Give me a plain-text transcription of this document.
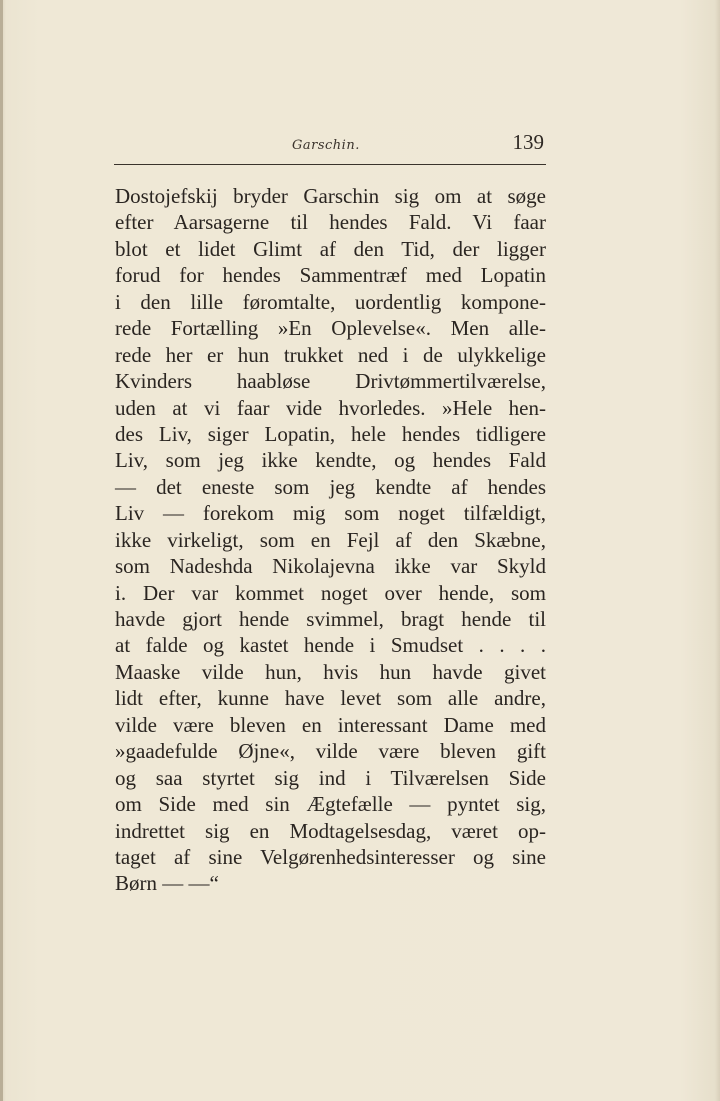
Garschin.	139
Dostojefskij bryder Garschin sig om at søge
efter Aarsagerne til hendes Fald. Vi faar
blot et lidet Glimt af den Tid, der ligger
forud for hendes Sammentræf med Lopatin
i den lille føromtalte, uordentlig kompone-
rede Fortælling »En Oplevelse«. Men alle-
rede her er hun trukket ned i de ulykkelige
Kvinders haabløse Drivtømmertilværelse,
uden at vi faar vide hvorledes. »Hele hen-
des Liv, siger Lopatin, hele hendes tidligere
Liv, som jeg ikke kendte, og hendes Fald
— det eneste som jeg kendte af hendes
Liv — forekom mig som noget tilfældigt,
ikke virkeligt, som en Fejl af den Skæbne,
som Nadeshda Nikolajevna ikke var Skyld
i. Der var kommet noget over hende, som
havde gjort hende svimmel, bragt hende til
at falde og kastet hende i Smudset . . . .
Maaske vilde hun, hvis hun havde givet
lidt efter, kunne have levet som alle andre,
vilde være bleven en interessant Dame med
»gaadefulde Øjne«, vilde være bleven gift
og saa styrtet sig ind i Tilværelsen Side
om Side med sin Ægtefælle — pyntet sig,
indrettet sig en Modtagelsesdag, været op-
taget af sine Velgørenhedsinteresser og sine
Børn — —“
